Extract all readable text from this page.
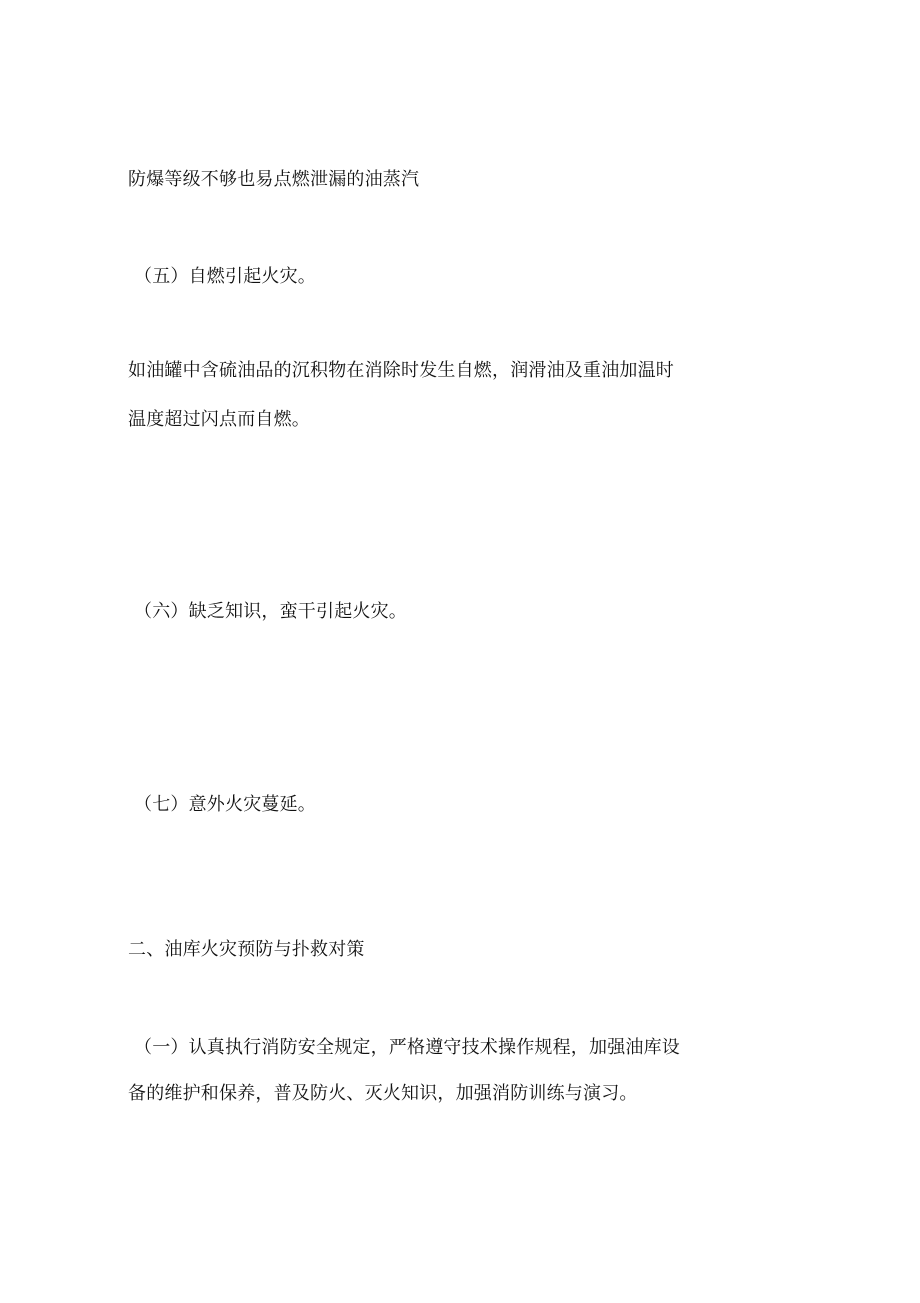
防爆等级不够也易点燃泄漏的油蒸汽
（五）自燃引起火灾。
如油罐中含硫油品的沉积物在消除时发生自燃，润滑油及重油加温时
温度超过闪点而自燃。
（六）缺乏知识，蛮干引起火灾。
（七）意外火灾蔓延。
二、油库火灾预防与扑救对策
（一）认真执行消防安全规定，严格遵守技术操作规程，加强油库设
备的维护和保养，普及防火、灭火知识，加强消防训练与演习。
